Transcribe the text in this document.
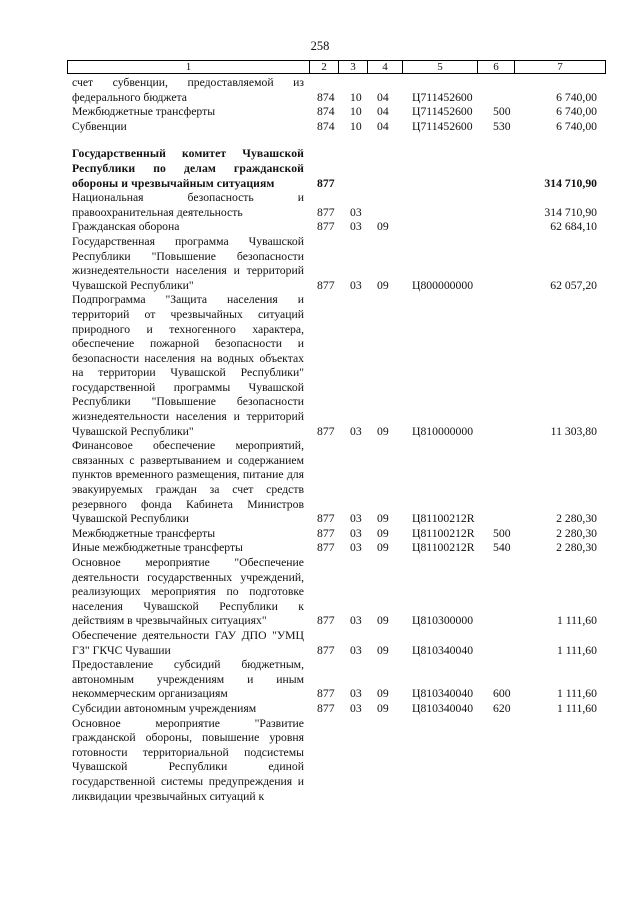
258
1	2	3	4	5	6	7
счет субвенции, предоставляемой из федерального бюджета	874 10 04 Ц711452600	6 740,00
Межбюджетные трансферты	874 10 04 Ц711452600 500	6 740,00
Субвенции	874 10 04 Ц711452600 530	6 740,00
Государственный комитет Чувашской Республики по делам гражданской обороны и чрезвычайным ситуациям	877	314 710,90
Национальная безопасность и правоохранительная деятельность	877 03	314 710,90
Гражданская оборона	877 03 09	62 684,10
Государственная программа Чувашской Республики "Повышение безопасности жизнедеятельности населения и территорий Чувашской Республики"	877 03 09 Ц800000000	62 057,20
Подпрограмма "Защита населения и территорий от чрезвычайных ситуаций природного и техногенного характера, обеспечение пожарной безопасности и безопасности населения на водных объектах на территории Чувашской Республики" государственной программы Чувашской Республики "Повышение безопасности жизнедеятельности населения и территорий Чувашской Республики"	877 03 09 Ц810000000	11 303,80
Финансовое обеспечение мероприятий, связанных с развертыванием и содержанием пунктов временного размещения, питание для эвакуируемых граждан за счет средств резервного фонда Кабинета Министров Чувашской Республики	877 03 09 Ц81100212R	2 280,30
Межбюджетные трансферты	877 03 09 Ц81100212R 500	2 280,30
Иные межбюджетные трансферты	877 03 09 Ц81100212R 540	2 280,30
Основное мероприятие "Обеспечение деятельности государственных учреждений, реализующих мероприятия по подготовке населения Чувашской Республики к действиям в чрезвычайных ситуациях"	877 03 09 Ц810300000	1 111,60
Обеспечение деятельности ГАУ ДПО "УМЦ ГЗ" ГКЧС Чувашии	877 03 09 Ц810340040	1 111,60
Предоставление субсидий бюджетным, автономным учреждениям и иным некоммерческим организациям	877 03 09 Ц810340040 600	1 111,60
Субсидии автономным учреждениям	877 03 09 Ц810340040 620	1 111,60
Основное мероприятие "Развитие гражданской обороны, повышение уровня готовности территориальной подсистемы Чувашской Республики единой государственной системы предупреждения и ликвидации чрезвычайных ситуаций к
